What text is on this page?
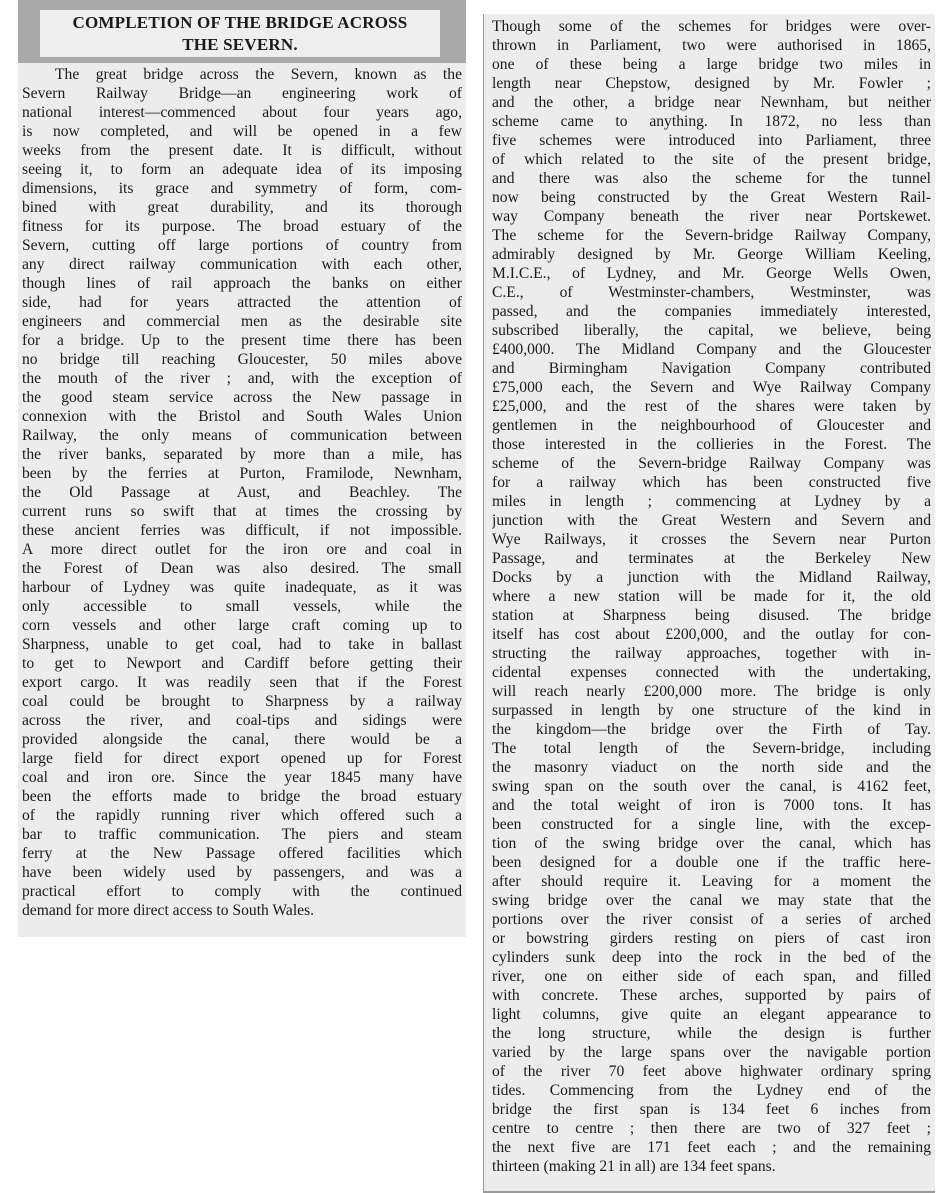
COMPLETION OF THE BRIDGE ACROSS
THE SEVERN.
The great bridge across the Severn, known as the
Severn Railway Bridge—an engineering work of
national interest—commenced about four years ago,
is now completed, and will be opened in a few
weeks from the present date. It is difficult, without
seeing it, to form an adequate idea of its imposing
dimensions, its grace and symmetry of form, com-
bined with great durability, and its thorough
fitness for its purpose. The broad estuary of the
Severn, cutting off large portions of country from
any direct railway communication with each other,
though lines of rail approach the banks on either
side, had for years attracted the attention of
engineers and commercial men as the desirable site
for a bridge. Up to the present time there has been
no bridge till reaching Gloucester, 50 miles above
the mouth of the river ; and, with the exception of
the good steam service across the New passage in
connexion with the Bristol and South Wales Union
Railway, the only means of communication between
the river banks, separated by more than a mile, has
been by the ferries at Purton, Framilode, Newnham,
the Old Passage at Aust, and Beachley. The
current runs so swift that at times the crossing by
these ancient ferries was difficult, if not impossible.
A more direct outlet for the iron ore and coal in
the Forest of Dean was also desired. The small
harbour of Lydney was quite inadequate, as it was
only accessible to small vessels, while the
corn vessels and other large craft coming up to
Sharpness, unable to get coal, had to take in ballast
to get to Newport and Cardiff before getting their
export cargo. It was readily seen that if the Forest
coal could be brought to Sharpness by a railway
across the river, and coal-tips and sidings were
provided alongside the canal, there would be a
large field for direct export opened up for Forest
coal and iron ore. Since the year 1845 many have
been the efforts made to bridge the broad estuary
of the rapidly running river which offered such a
bar to traffic communication. The piers and steam
ferry at the New Passage offered facilities which
have been widely used by passengers, and was a
practical effort to comply with the continued
demand for more direct access to South Wales.
Though some of the schemes for bridges were over-
thrown in Parliament, two were authorised in 1865,
one of these being a large bridge two miles in
length near Chepstow, designed by Mr. Fowler ;
and the other, a bridge near Newnham, but neither
scheme came to anything. In 1872, no less than
five schemes were introduced into Parliament, three
of which related to the site of the present bridge,
and there was also the scheme for the tunnel
now being constructed by the Great Western Rail-
way Company beneath the river near Portskewet.
The scheme for the Severn-bridge Railway Company,
admirably designed by Mr. George William Keeling,
M.I.C.E., of Lydney, and Mr. George Wells Owen,
C.E., of Westminster-chambers, Westminster, was
passed, and the companies immediately interested,
subscribed liberally, the capital, we believe, being
£400,000. The Midland Company and the Gloucester
and Birmingham Navigation Company contributed
£75,000 each, the Severn and Wye Railway Company
£25,000, and the rest of the shares were taken by
gentlemen in the neighbourhood of Gloucester and
those interested in the collieries in the Forest. The
scheme of the Severn-bridge Railway Company was
for a railway which has been constructed five
miles in length ; commencing at Lydney by a
junction with the Great Western and Severn and
Wye Railways, it crosses the Severn near Purton
Passage, and terminates at the Berkeley New
Docks by a junction with the Midland Railway,
where a new station will be made for it, the old
station at Sharpness being disused. The bridge
itself has cost about £200,000, and the outlay for con-
structing the railway approaches, together with in-
cidental expenses connected with the undertaking,
will reach nearly £200,000 more. The bridge is only
surpassed in length by one structure of the kind in
the kingdom—the bridge over the Firth of Tay.
The total length of the Severn-bridge, including
the masonry viaduct on the north side and the
swing span on the south over the canal, is 4162 feet,
and the total weight of iron is 7000 tons. It has
been constructed for a single line, with the excep-
tion of the swing bridge over the canal, which has
been designed for a double one if the traffic here-
after should require it. Leaving for a moment the
swing bridge over the canal we may state that the
portions over the river consist of a series of arched
or bowstring girders resting on piers of cast iron
cylinders sunk deep into the rock in the bed of the
river, one on either side of each span, and filled
with concrete. These arches, supported by pairs of
light columns, give quite an elegant appearance to
the long structure, while the design is further
varied by the large spans over the navigable portion
of the river 70 feet above highwater ordinary spring
tides. Commencing from the Lydney end of the
bridge the first span is 134 feet 6 inches from
centre to centre ; then there are two of 327 feet ;
the next five are 171 feet each ; and the remaining
thirteen (making 21 in all) are 134 feet spans.
